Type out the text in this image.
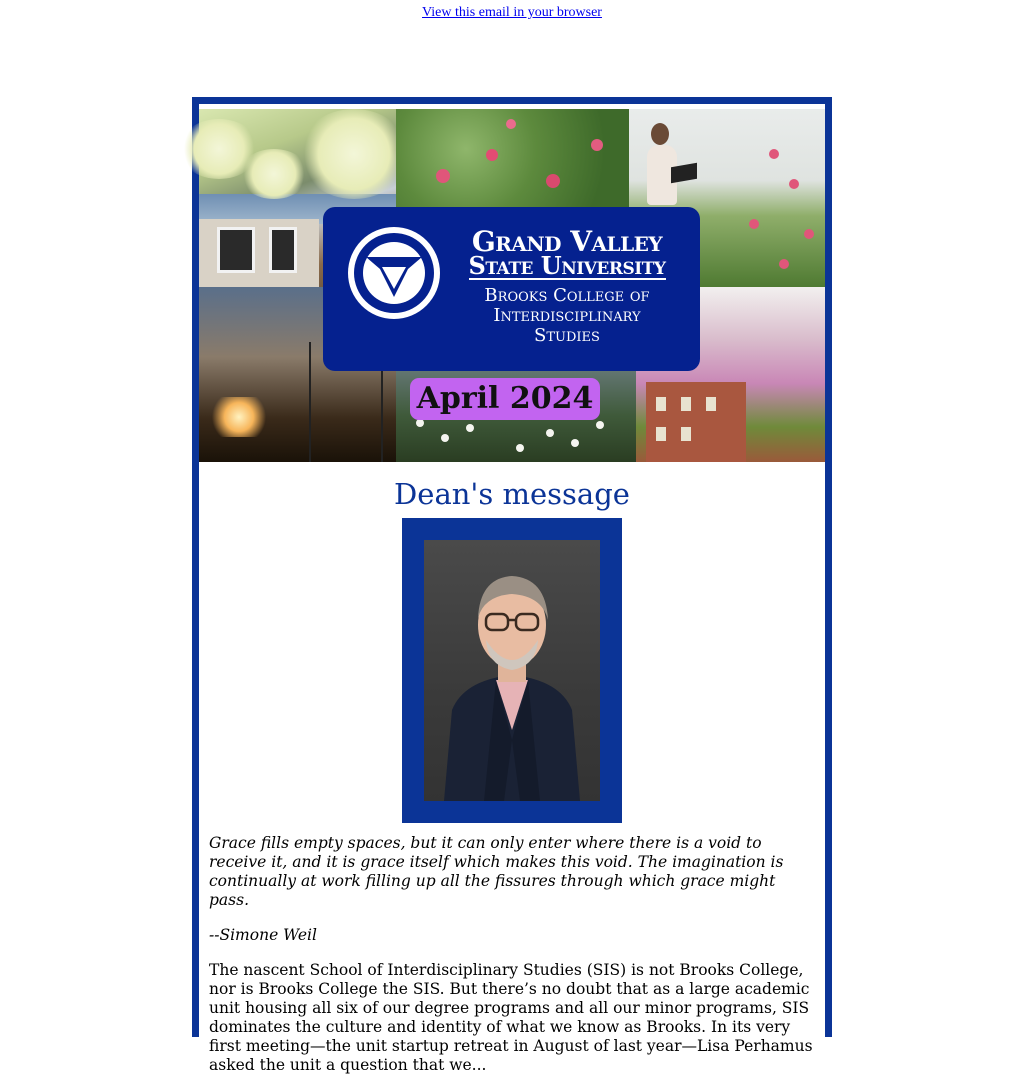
View this email in your browser
Grand Valley
State University
Brooks College of
Interdisciplinary
Studies
April 2024
Dean's message

Grace fills empty spaces, but it can only enter where there is a void to receive it, and it is grace itself which makes this void. The imagination is continually at work filling up all the fissures through which grace might pass.

--Simone Weil

The nascent School of Interdisciplinary Studies (SIS) is not Brooks College, nor is Brooks College the SIS. But there’s no doubt that as a large academic unit housing all six of our degree programs and all our minor programs, SIS dominates the culture and identity of what we know as Brooks. In its very first meeting—the unit startup retreat in August of last year—Lisa Perhamus asked the unit a question that we...
